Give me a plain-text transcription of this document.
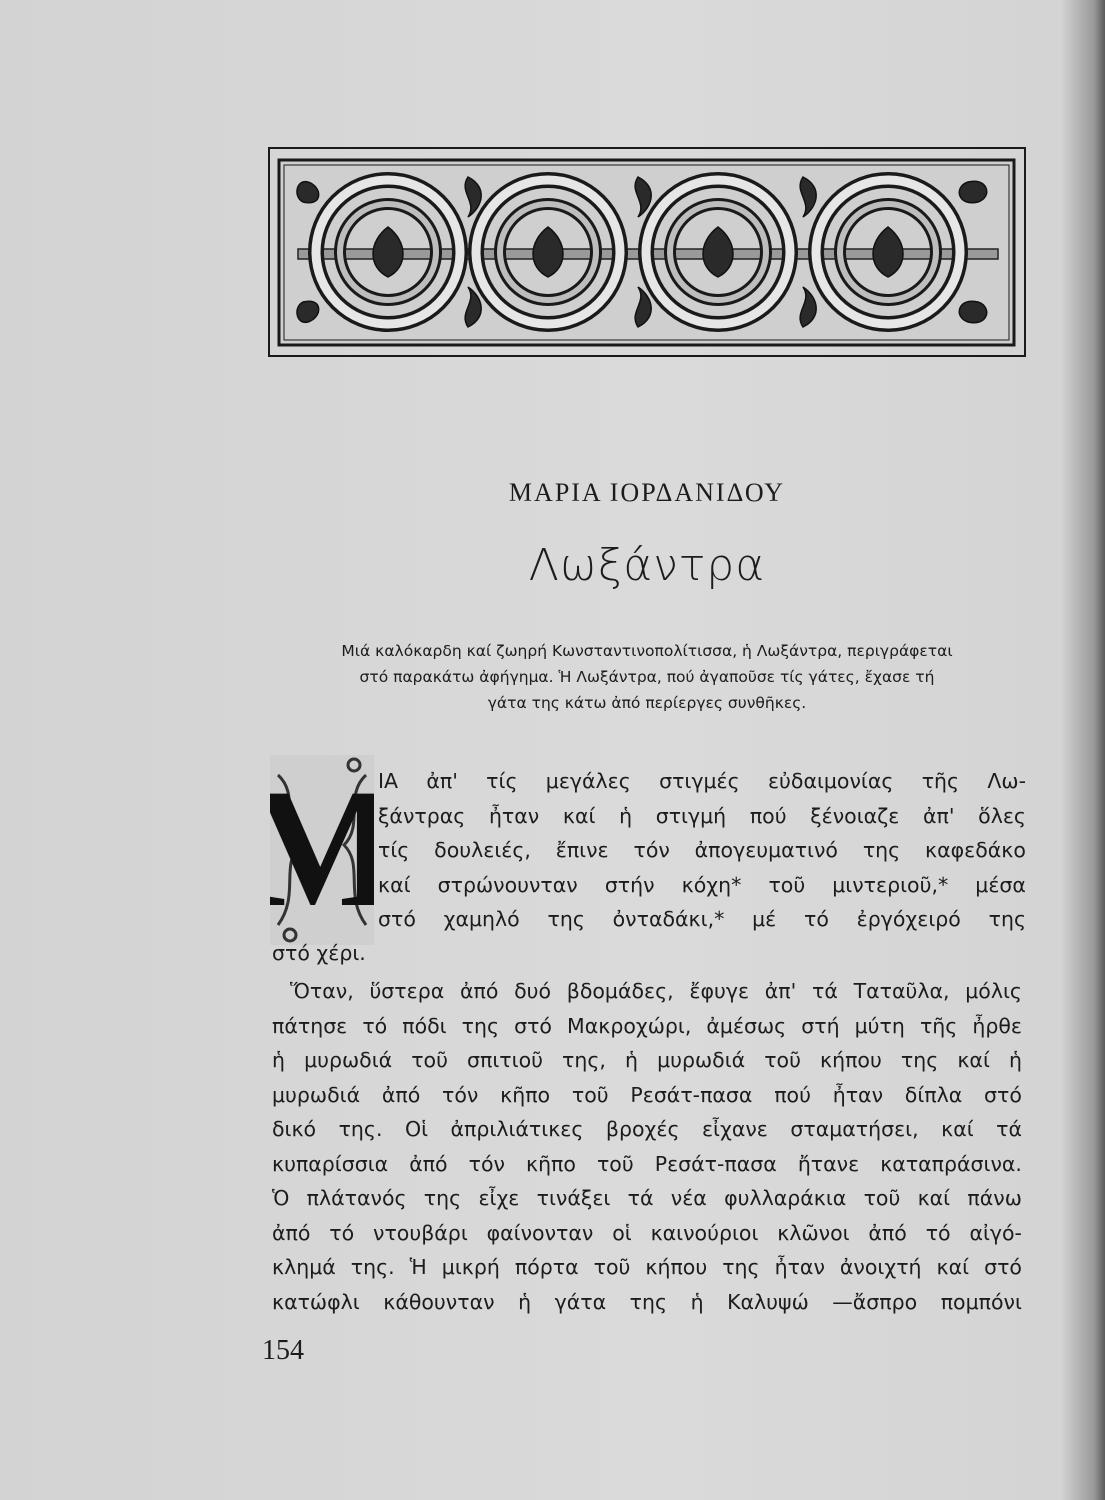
ΜΑΡΙΑ ΙΟΡΔΑΝΙΔΟΥ
Λωξάντρα
Μιά καλόκαρδη καί ζωηρή Κωνσταντινοπολίτισσα, ἡ Λωξάντρα, περιγράφεται
στό παρακάτω ἀφήγημα. Ἡ Λωξάντρα, πού ἀγαποῦσε τίς γάτες, ἔχασε τή
γάτα της κάτω ἀπό περίεργες συνθῆκες.
Μ
ΙΑ ἀπ' τίς μεγάλες στιγμές εὐδαιμονίας τῆς Λω-
ξάντρας ἦταν καί ἡ στιγμή πού ξένοιαζε ἀπ' ὅλες
τίς δουλειές, ἔπινε τόν ἀπογευματινό της καφεδάκο
καί στρώνουνταν στήν κόχη* τοῦ μιντεριοῦ,* μέσα
στό χαμηλό της ὀνταδάκι,* μέ τό ἐργόχειρό της
στό χέρι.
Ὅταν, ὕστερα ἀπό δυό βδομάδες, ἔφυγε ἀπ' τά Ταταῦλα, μόλις
πάτησε τό πόδι της στό Μακροχώρι, ἀμέσως στή μύτη τῆς ἦρθε
ἡ μυρωδιά τοῦ σπιτιοῦ της, ἡ μυρωδιά τοῦ κήπου της καί ἡ
μυρωδιά ἀπό τόν κῆπο τοῦ Ρεσάτ-πασα πού ἦταν δίπλα στό
δικό της. Οἱ ἀπριλιάτικες βροχές εἶχανε σταματήσει, καί τά
κυπαρίσσια ἀπό τόν κῆπο τοῦ Ρεσάτ-πασα ἤτανε καταπράσινα.
Ὁ πλάτανός της εἶχε τινάξει τά νέα φυλλαράκια τοῦ καί πάνω
ἀπό τό ντουβάρι φαίνονταν οἱ καινούριοι κλῶνοι ἀπό τό αἰγό-
κλημά της. Ἡ μικρή πόρτα τοῦ κήπου της ἦταν ἀνοιχτή καί στό
κατώφλι κάθουνταν ἡ γάτα της ἡ Καλυψώ —ἄσπρο πομπόνι
154
